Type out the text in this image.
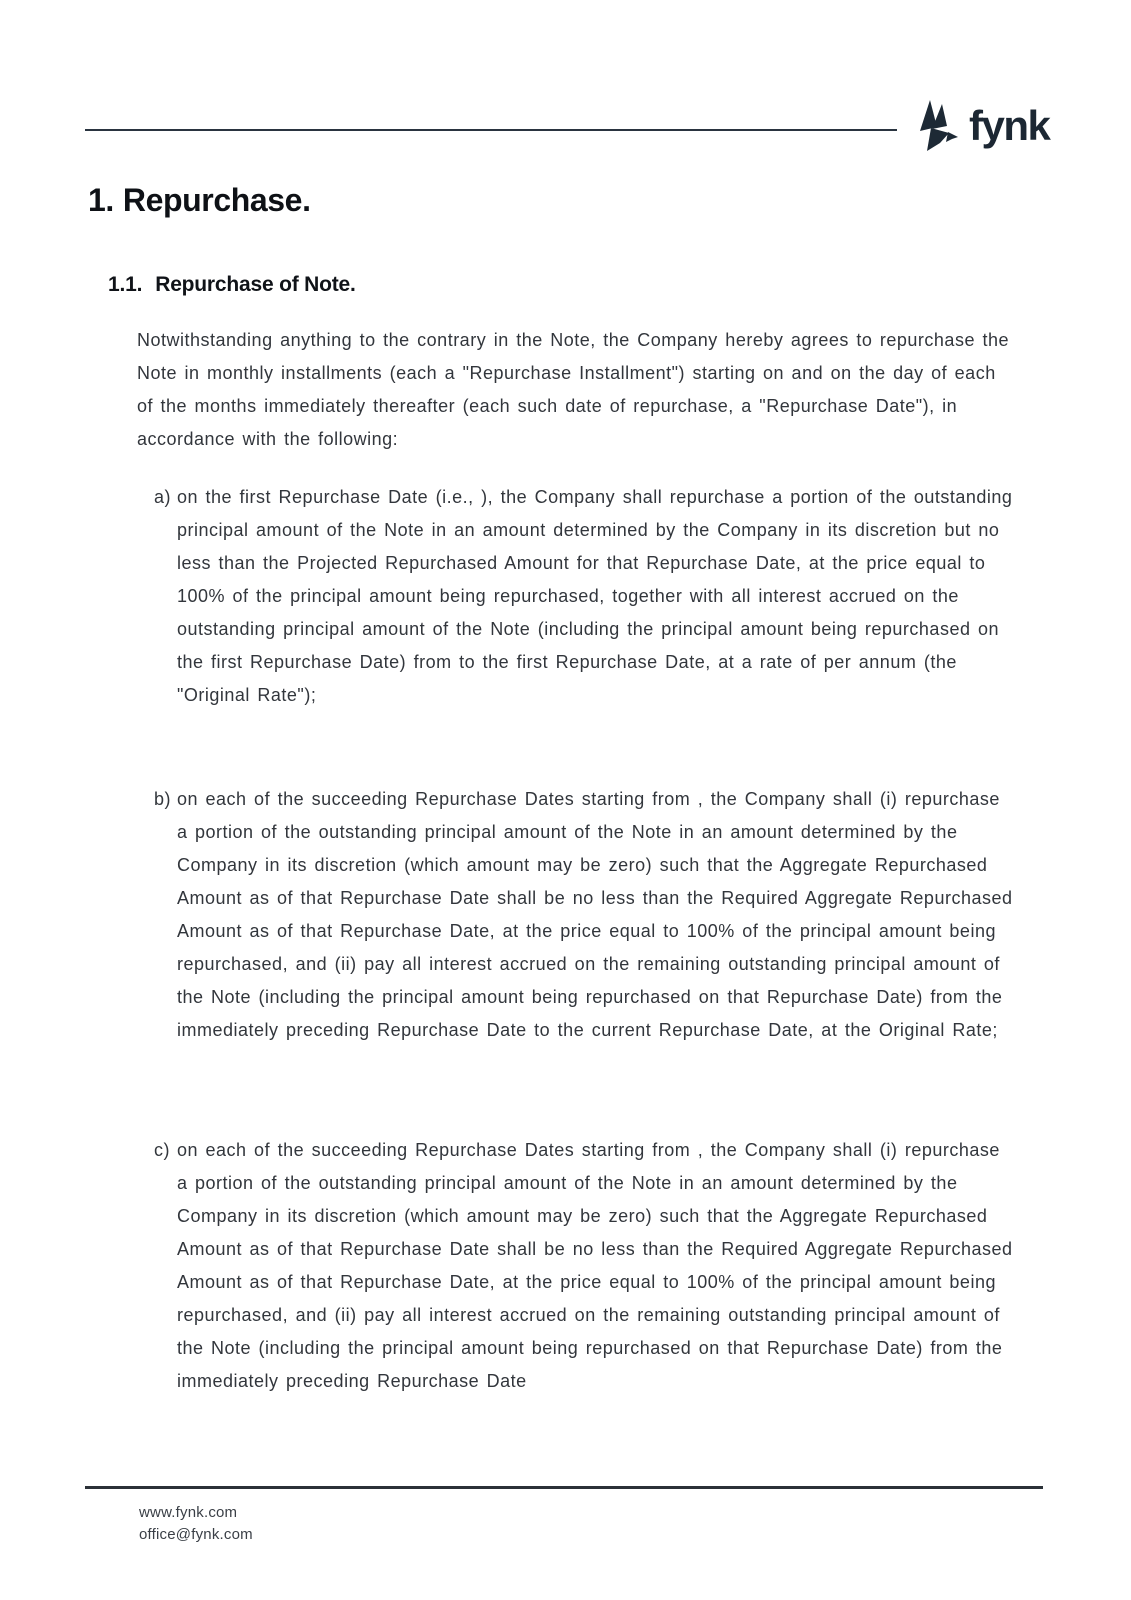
fynk
1. Repurchase.
1.1. Repurchase of Note.
Notwithstanding anything to the contrary in the Note, the Company hereby agrees to repurchase the Note in monthly installments (each a "Repurchase Installment") starting on and on the day of each of the months immediately thereafter (each such date of repurchase, a "Repurchase Date"), in accordance with the following:
a) on the first Repurchase Date (i.e., ), the Company shall repurchase a portion of the outstanding principal amount of the Note in an amount determined by the Company in its discretion but no less than the Projected Repurchased Amount for that Repurchase Date, at the price equal to 100% of the principal amount being repurchased, together with all interest accrued on the outstanding principal amount of the Note (including the principal amount being repurchased on the first Repurchase Date) from to the first Repurchase Date, at a rate of per annum (the "Original Rate");
b) on each of the succeeding Repurchase Dates starting from , the Company shall (i) repurchase a portion of the outstanding principal amount of the Note in an amount determined by the Company in its discretion (which amount may be zero) such that the Aggregate Repurchased Amount as of that Repurchase Date shall be no less than the Required Aggregate Repurchased Amount as of that Repurchase Date, at the price equal to 100% of the principal amount being repurchased, and (ii) pay all interest accrued on the remaining outstanding principal amount of the Note (including the principal amount being repurchased on that Repurchase Date) from the immediately preceding Repurchase Date to the current Repurchase Date, at the Original Rate;
c) on each of the succeeding Repurchase Dates starting from , the Company shall (i) repurchase a portion of the outstanding principal amount of the Note in an amount determined by the Company in its discretion (which amount may be zero) such that the Aggregate Repurchased Amount as of that Repurchase Date shall be no less than the Required Aggregate Repurchased Amount as of that Repurchase Date, at the price equal to 100% of the principal amount being repurchased, and (ii) pay all interest accrued on the remaining outstanding principal amount of the Note (including the principal amount being repurchased on that Repurchase Date) from the immediately preceding Repurchase Date
www.fynk.com
office@fynk.com
